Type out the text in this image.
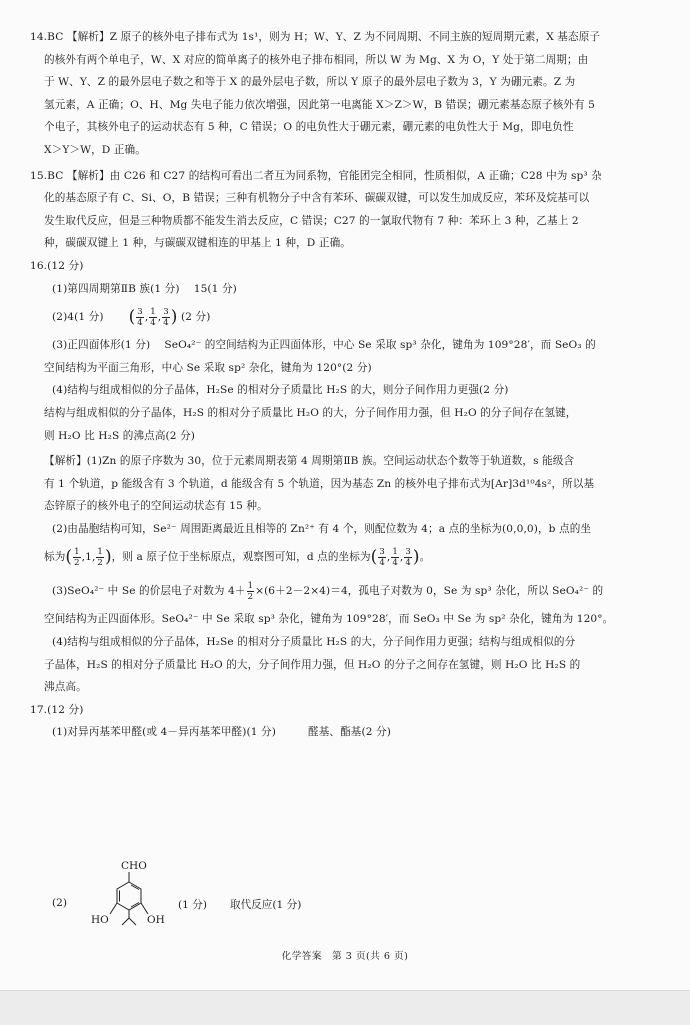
14.BC 【解析】Z 原子的核外电子排布式为 1s¹，则为 H；W、Y、Z 为不同周期、不同主族的短周期元素，X 基态原子

的核外有两个单电子，W、X 对应的简单离子的核外电子排布相同，所以 W 为 Mg、X 为 O，Y 处于第二周期；由

于 W、Y、Z 的最外层电子数之和等于 X 的最外层电子数，所以 Y 原子的最外层电子数为 3，Y 为硼元素。Z 为

氢元素，A 正确；O、H、Mg 失电子能力依次增强，因此第一电离能 X＞Z＞W，B 错误；硼元素基态原子核外有 5

个电子，其核外电子的运动状态有 5 种，C 错误；O 的电负性大于硼元素，硼元素的电负性大于 Mg，即电负性

X＞Y＞W，D 正确。

15.BC 【解析】由 C26 和 C27 的结构可看出二者互为同系物，官能团完全相同，性质相似，A 正确；C28 中为 sp³ 杂

化的基态原子有 C、Si、O，B 错误；三种有机物分子中含有苯环、碳碳双键，可以发生加成反应，苯环及烷基可以

发生取代反应，但是三种物质都不能发生消去反应，C 错误；C27 的一氯取代物有 7 种：苯环上 3 种，乙基上 2

种，碳碳双键上 1 种，与碳碳双键相连的甲基上 1 种，D 正确。

16.(12 分)

(1)第四周期第ⅡB 族(1 分)　 15(1 分)

(2)4(1 分) ( $\frac{3}{4}$ , $\frac{1}{4}$ , $\frac{3}{4}$ ) (2 分)

(3)正四面体形(1 分)　 SeO₄²⁻ 的空间结构为正四面体形，中心 Se 采取 sp³ 杂化，键角为 109°28′，而 SeO₃ 的

空间结构为平面三角形，中心 Se 采取 sp² 杂化，键角为 120°(2 分)

(4)结构与组成相似的分子晶体，H₂Se 的相对分子质量比 H₂S 的大，则分子间作用力更强(2 分)

结构与组成相似的分子晶体，H₂S 的相对分子质量比 H₂O 的大，分子间作用力强，但 H₂O 的分子间存在氢键，

则 H₂O 比 H₂S 的沸点高(2 分)

【解析】(1)Zn 的原子序数为 30，位于元素周期表第 4 周期第ⅡB 族。空间运动状态个数等于轨道数，s 能级含

有 1 个轨道，p 能级含有 3 个轨道，d 能级含有 5 个轨道，因为基态 Zn 的核外电子排布式为[Ar]3d¹⁰4s²，所以基

态锌原子的核外电子的空间运动状态有 15 种。

(2)由晶胞结构可知，Se²⁻ 周围距离最近且相等的 Zn²⁺ 有 4 个，则配位数为 4；a 点的坐标为(0,0,0)，b 点的坐

标为( $\frac{1}{2} ,1$, $\frac{1}{2}$ )，则 a 原子位于坐标原点，观察图可知，d 点的坐标为( $\frac{3}{4}$ , $\frac{1}{4}$ , $\frac{3}{4}$ )。

(3)SeO₄²⁻ 中 Se 的价层电子对数为 $4+ \frac{1}{2} \times(6+2-2\times 4)=4$，孤电子对数为 0，Se 为 sp³ 杂化，所以 SeO₄²⁻ 的

空间结构为正四面体形。SeO₄²⁻ 中 Se 采取 sp³ 杂化，键角为 109°28′，而 SeO₃ 中 Se 为 sp² 杂化，键角为 120°。

(4)结构与组成相似的分子晶体，H₂Se 的相对分子质量比 H₂S 的大，分子间作用力更强；结构与组成相似的分

子晶体，H₂S 的相对分子质量比 H₂O 的大，分子间作用力强，但 H₂O 的分子之间存在氢键，则 H₂O 比 H₂S 的

沸点高。

17.(12 分)

(1)对异丙基苯甲醛(或 4－异丙基苯甲醛)(1 分)　　　醛基、酯基(2 分)

(2)
CHO
HO	OH
(1 分) 取代反应(1 分)
化学答案　第 3 页(共 6 页)
